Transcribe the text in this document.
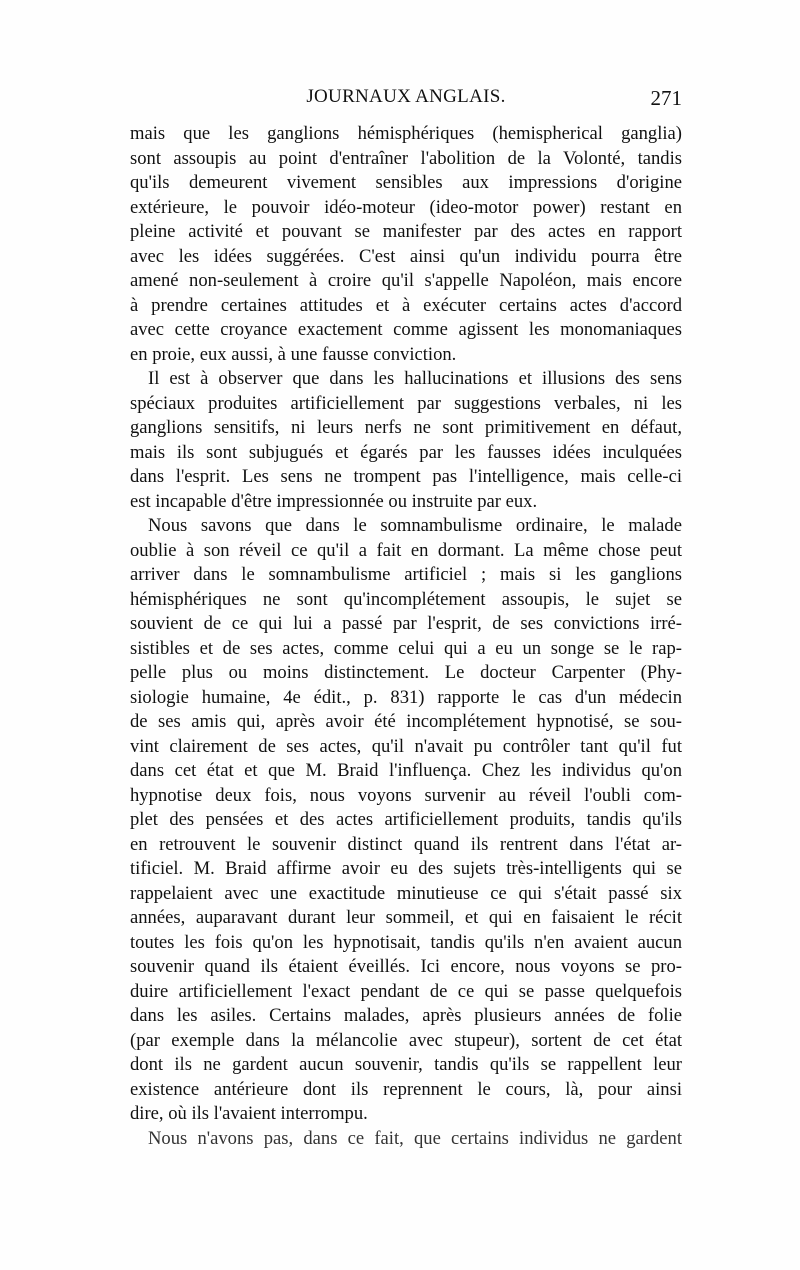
JOURNAUX ANGLAIS.	271
mais que les ganglions hémisphériques (hemispherical ganglia)
sont assoupis au point d'entraîner l'abolition de la Volonté, tandis
qu'ils demeurent vivement sensibles aux impressions d'origine
extérieure, le pouvoir idéo-moteur (ideo-motor power) restant en
pleine activité et pouvant se manifester par des actes en rapport
avec les idées suggérées. C'est ainsi qu'un individu pourra être
amené non-seulement à croire qu'il s'appelle Napoléon, mais encore
à prendre certaines attitudes et à exécuter certains actes d'accord
avec cette croyance exactement comme agissent les monomaniaques
en proie, eux aussi, à une fausse conviction.
Il est à observer que dans les hallucinations et illusions des sens
spéciaux produites artificiellement par suggestions verbales, ni les
ganglions sensitifs, ni leurs nerfs ne sont primitivement en défaut,
mais ils sont subjugués et égarés par les fausses idées inculquées
dans l'esprit. Les sens ne trompent pas l'intelligence, mais celle-ci
est incapable d'être impressionnée ou instruite par eux.
Nous savons que dans le somnambulisme ordinaire, le malade
oublie à son réveil ce qu'il a fait en dormant. La même chose peut
arriver dans le somnambulisme artificiel ; mais si les ganglions
hémisphériques ne sont qu'incomplétement assoupis, le sujet se
souvient de ce qui lui a passé par l'esprit, de ses convictions irré-
sistibles et de ses actes, comme celui qui a eu un songe se le rap-
pelle plus ou moins distinctement. Le docteur Carpenter (Phy-
siologie humaine, 4e édit., p. 831) rapporte le cas d'un médecin
de ses amis qui, après avoir été incomplétement hypnotisé, se sou-
vint clairement de ses actes, qu'il n'avait pu contrôler tant qu'il fut
dans cet état et que M. Braid l'influença. Chez les individus qu'on
hypnotise deux fois, nous voyons survenir au réveil l'oubli com-
plet des pensées et des actes artificiellement produits, tandis qu'ils
en retrouvent le souvenir distinct quand ils rentrent dans l'état ar-
tificiel. M. Braid affirme avoir eu des sujets très-intelligents qui se
rappelaient avec une exactitude minutieuse ce qui s'était passé six
années, auparavant durant leur sommeil, et qui en faisaient le récit
toutes les fois qu'on les hypnotisait, tandis qu'ils n'en avaient aucun
souvenir quand ils étaient éveillés. Ici encore, nous voyons se pro-
duire artificiellement l'exact pendant de ce qui se passe quelquefois
dans les asiles. Certains malades, après plusieurs années de folie
(par exemple dans la mélancolie avec stupeur), sortent de cet état
dont ils ne gardent aucun souvenir, tandis qu'ils se rappellent leur
existence antérieure dont ils reprennent le cours, là, pour ainsi
dire, où ils l'avaient interrompu.
Nous n'avons pas, dans ce fait, que certains individus ne gardent
